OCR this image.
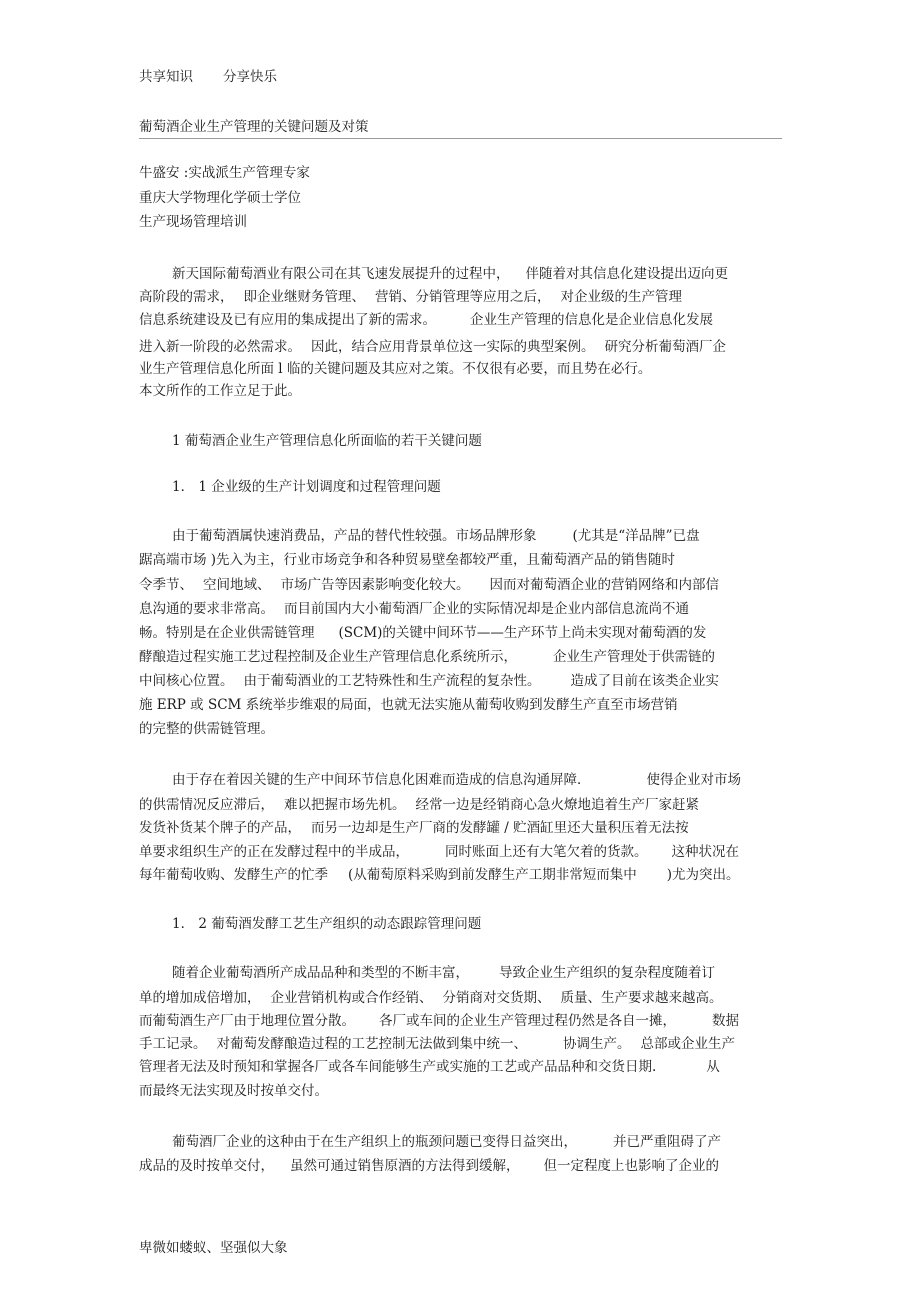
共享知识 分享快乐
葡萄酒企业生产管理的关键问题及对策
牛盛安 :实战派生产管理专家
重庆大学物理化学硕士学位
生产现场管理培训
新天国际葡萄酒业有限公司在其飞速发展提升的过程中， 伴随着对其信息化建设提出迈向更
高阶段的需求， 即企业继财务管理、 营销、分销管理等应用之后， 对企业级的生产管理
信息系统建设及已有应用的集成提出了新的需求。	企业生产管理的信息化是企业信息化发展
进入新一阶段的必然需求。 因此，结合应用背景单位这一实际的典型案例。 研究分析葡萄酒厂企
业生产管理信息化所面 l 临的关键问题及其应对之策。不仅很有必要，而且势在必行。
本文所作的工作立足于此。
1 葡萄酒企业生产管理信息化所面临的若干关键问题
1． 1 企业级的生产计划调度和过程管理问题
由于葡萄酒属快速消费品，产品的替代性较强。市场品牌形象	(尤其是“洋品牌”已盘
踞高端市场 )先入为主，行业市场竞争和各种贸易壁垒都较严重，且葡萄酒产品的销售随时
令季节、 空间地域、 市场广告等因素影响变化较大。 因而对葡萄酒企业的营销网络和内部信
息沟通的要求非常高。 而目前国内大小葡萄酒厂企业的实际情况却是企业内部信息流尚不通
畅。特别是在企业供需链管理 (SCM)的关键中间环节——生产环节上尚未实现对葡萄酒的发
酵酿造过程实施工艺过程控制及企业生产管理信息化系统所示，	企业生产管理处于供需链的
中间核心位置。 由于葡萄酒业的工艺特殊性和生产流程的复杂性。 造成了目前在该类企业实
施 ERP 或 SCM 系统举步维艰的局面，也就无法实施从葡萄收购到发酵生产直至市场营销
的完整的供需链管理。
由于存在着因关键的生产中间环节信息化困难而造成的信息沟通屏障．	使得企业对市场
的供需情况反应滞后， 难以把握市场先机。 经常一边是经销商心急火燎地追着生产厂家赶紧
发货补货某个牌子的产品， 而另一边却是生产厂商的发酵罐 / 贮酒缸里还大量积压着无法按
单要求组织生产的正在发酵过程中的半成品，	同时账面上还有大笔欠着的货款。 这种状况在
每年葡萄收购、发酵生产的忙季 (从葡萄原料采购到前发酵生产工期非常短而集中 )尤为突出。
1． 2 葡萄酒发酵工艺生产组织的动态跟踪管理问题
随着企业葡萄酒所产成品品种和类型的不断丰富， 导致企业生产组织的复杂程度随着订
单的增加成倍增加， 企业营销机构或合作经销、 分销商对交货期、 质量、生产要求越来越高。
而葡萄酒生产厂由于地理位置分散。 各厂或车间的企业生产管理过程仍然是各自一摊，	数据
手工记录。 对葡萄发酵酿造过程的工艺控制无法做到集中统一、	协调生产。 总部或企业生产
管理者无法及时预知和掌握各厂或各车间能够生产或实施的工艺或产品品种和交货日期.	从
而最终无法实现及时按单交付。
葡萄酒厂企业的这种由于在生产组织上的瓶颈问题已变得日益突出，	并已严重阻碍了产
成品的及时按单交付， 虽然可通过销售原酒的方法得到缓解， 但一定程度上也影响了企业的
卑微如蝼蚁、坚强似大象
